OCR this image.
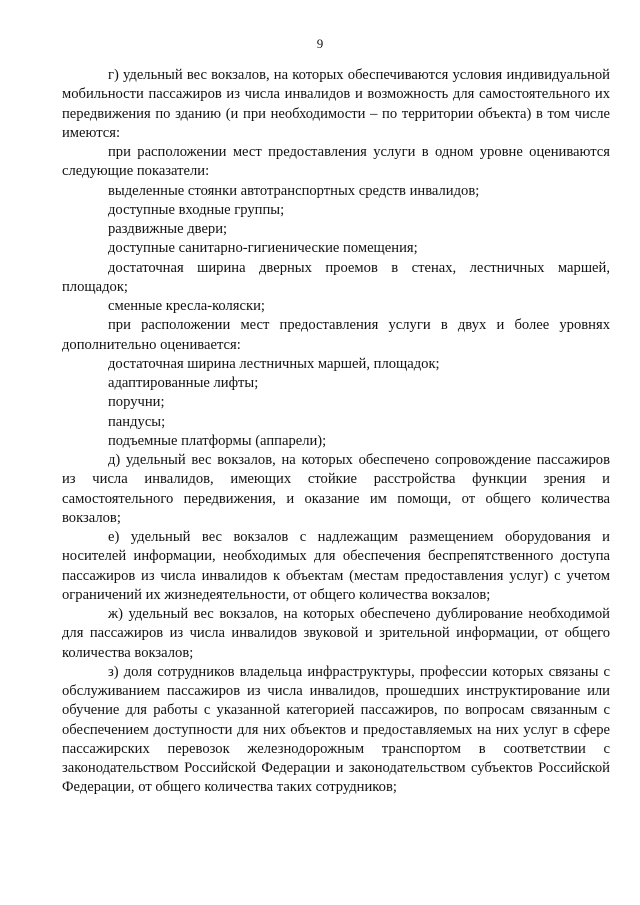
9

г) удельный вес вокзалов, на которых обеспечиваются условия индивидуальной мобильности пассажиров из числа инвалидов и возможность для самостоятельного их передвижения по зданию (и при необходимости – по территории объекта) в том числе имеются:

при расположении мест предоставления услуги в одном уровне оцениваются следующие показатели:

выделенные стоянки автотранспортных средств инвалидов;

доступные входные группы;

раздвижные двери;

доступные санитарно-гигиенические помещения;

достаточная ширина дверных проемов в стенах, лестничных маршей, площадок;

сменные кресла-коляски;

при расположении мест предоставления услуги в двух и более уровнях дополнительно оценивается:

достаточная ширина лестничных маршей, площадок;

адаптированные лифты;

поручни;

пандусы;

подъемные платформы (аппарели);

д) удельный вес вокзалов, на которых обеспечено сопровождение пассажиров из числа инвалидов, имеющих стойкие расстройства функции зрения и самостоятельного передвижения, и оказание им помощи, от общего количества вокзалов;

е) удельный вес вокзалов с надлежащим размещением оборудования и носителей информации, необходимых для обеспечения беспрепятственного доступа пассажиров из числа инвалидов к объектам (местам предоставления услуг) с учетом ограничений их жизнедеятельности, от общего количества вокзалов;

ж) удельный вес вокзалов, на которых обеспечено дублирование необходимой для пассажиров из числа инвалидов звуковой и зрительной информации, от общего количества вокзалов;

з) доля сотрудников владельца инфраструктуры, профессии которых связаны с обслуживанием пассажиров из числа инвалидов, прошедших инструктирование или обучение для работы с указанной категорией пассажиров, по вопросам связанным с обеспечением доступности для них объектов и предоставляемых на них услуг в сфере пассажирских перевозок железнодорожным транспортом в соответствии с законодательством Российской Федерации и законодательством субъектов Российской Федерации, от общего количества таких сотрудников;
